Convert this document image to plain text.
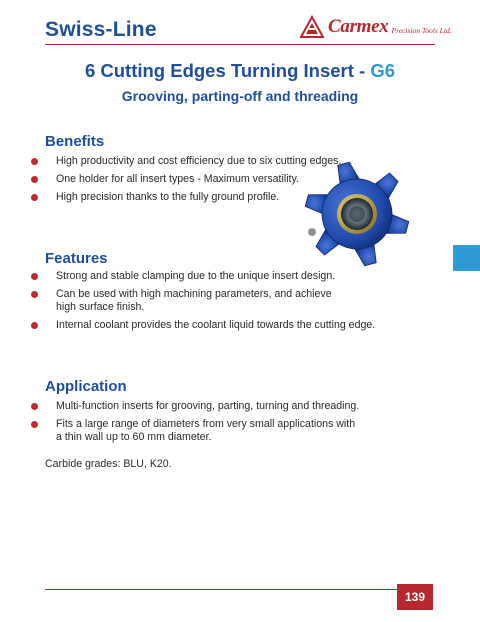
Swiss-Line	Carmex Precision Tools Ltd.
6 Cutting Edges Turning Insert - G6
Grooving, parting-off and threading
Benefits
High productivity and cost efficiency due to six cutting edges.
One holder for all insert types - Maximum versatility.
High precision thanks to the fully ground profile.
Features
Strong and stable clamping due to the unique insert design.
Can be used with high machining parameters, and achieve
high surface finish.
Internal coolant provides the coolant liquid towards the cutting edge.
Application
Multi-function inserts for grooving, parting, turning and threading.
Fits a large range of diameters from very small applications with
a thin wall up to 60 mm diameter.
Carbide grades: BLU, K20.
139
